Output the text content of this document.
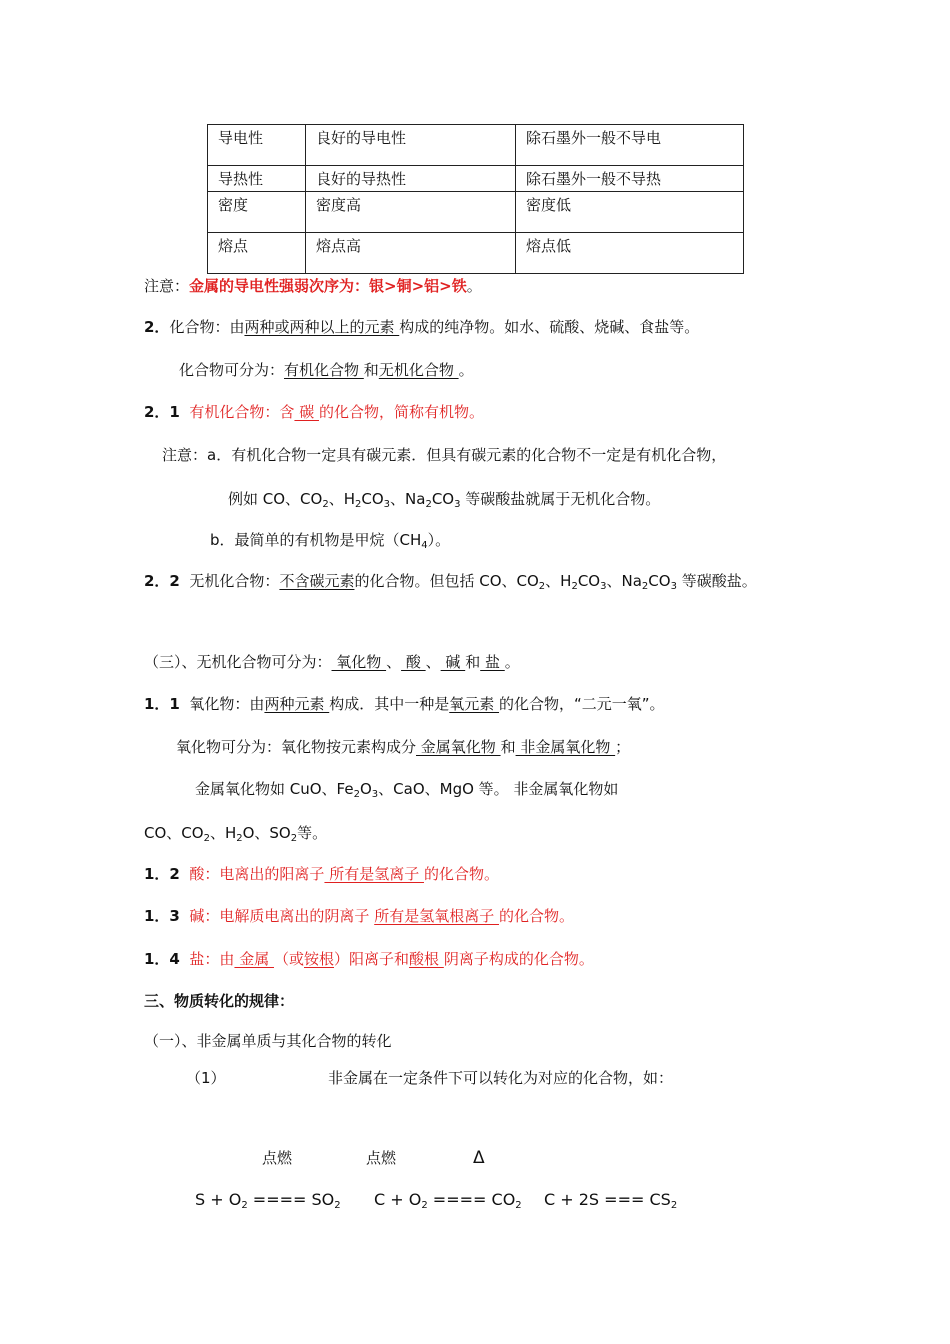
导电性	良好的导电性	除石墨外一般不导电
导热性	良好的导热性	除石墨外一般不导热
密度	密度高	密度低
熔点	熔点高	熔点低
注意：金属的导电性强弱次序为：银>铜>铝>铁。
2．化合物：由两种或两种以上的元素 构成的纯净物。如水、硫酸、烧碱、食盐等。
化合物可分为：有机化合物 和无机化合物 。
2．1 有机化合物：含 碳 的化合物，简称有机物。
注意：a．有机化合物一定具有碳元素．但具有碳元素的化合物不一定是有机化合物，
例如 CO、$CO_2$、$H_2CO_3$、$Na_2CO_3$ 等碳酸盐就属于无机化合物。
b．最简单的有机物是甲烷$(CH_4)$。
2．2 无机化合物：不含碳元素的化合物。但包括 CO、$CO_2$、$H_2CO_3$、$Na_2CO_3$ 等碳酸盐。
（三）、无机化合物可分为： 氧化物 、 酸 、 碱 和 盐 。
1．1 氧化物：由两种元素 构成．其中一种是氧元素 的化合物，“二元一氧”。
氧化物可分为：氧化物按元素构成分 金属氧化物 和 非金属氧化物 ；
金属氧化物如 CuO、$Fe_2O_3$、CaO、MgO 等。 非金属氧化物如
CO、$CO_2$、$H_2O$、$SO_2$等。
1．2 酸：电离出的阳离子 所有是氢离子 的化合物。
1．3 碱：电解质电离出的阴离子 所有是氢氧根离子 的化合物。
1．4 盐：由 金属 （或铵根）阳离子和酸根 阴离子构成的化合物。
三、物质转化的规律：
（一）、非金属单质与其化合物的转化
（1）	非金属在一定条件下可以转化为对应的化合物，如：
点燃	点燃	Δ
$S + O_2$ ==== $SO_2$ $C + O_2$ ==== $CO_2$ C + 2S === $CS_2$
